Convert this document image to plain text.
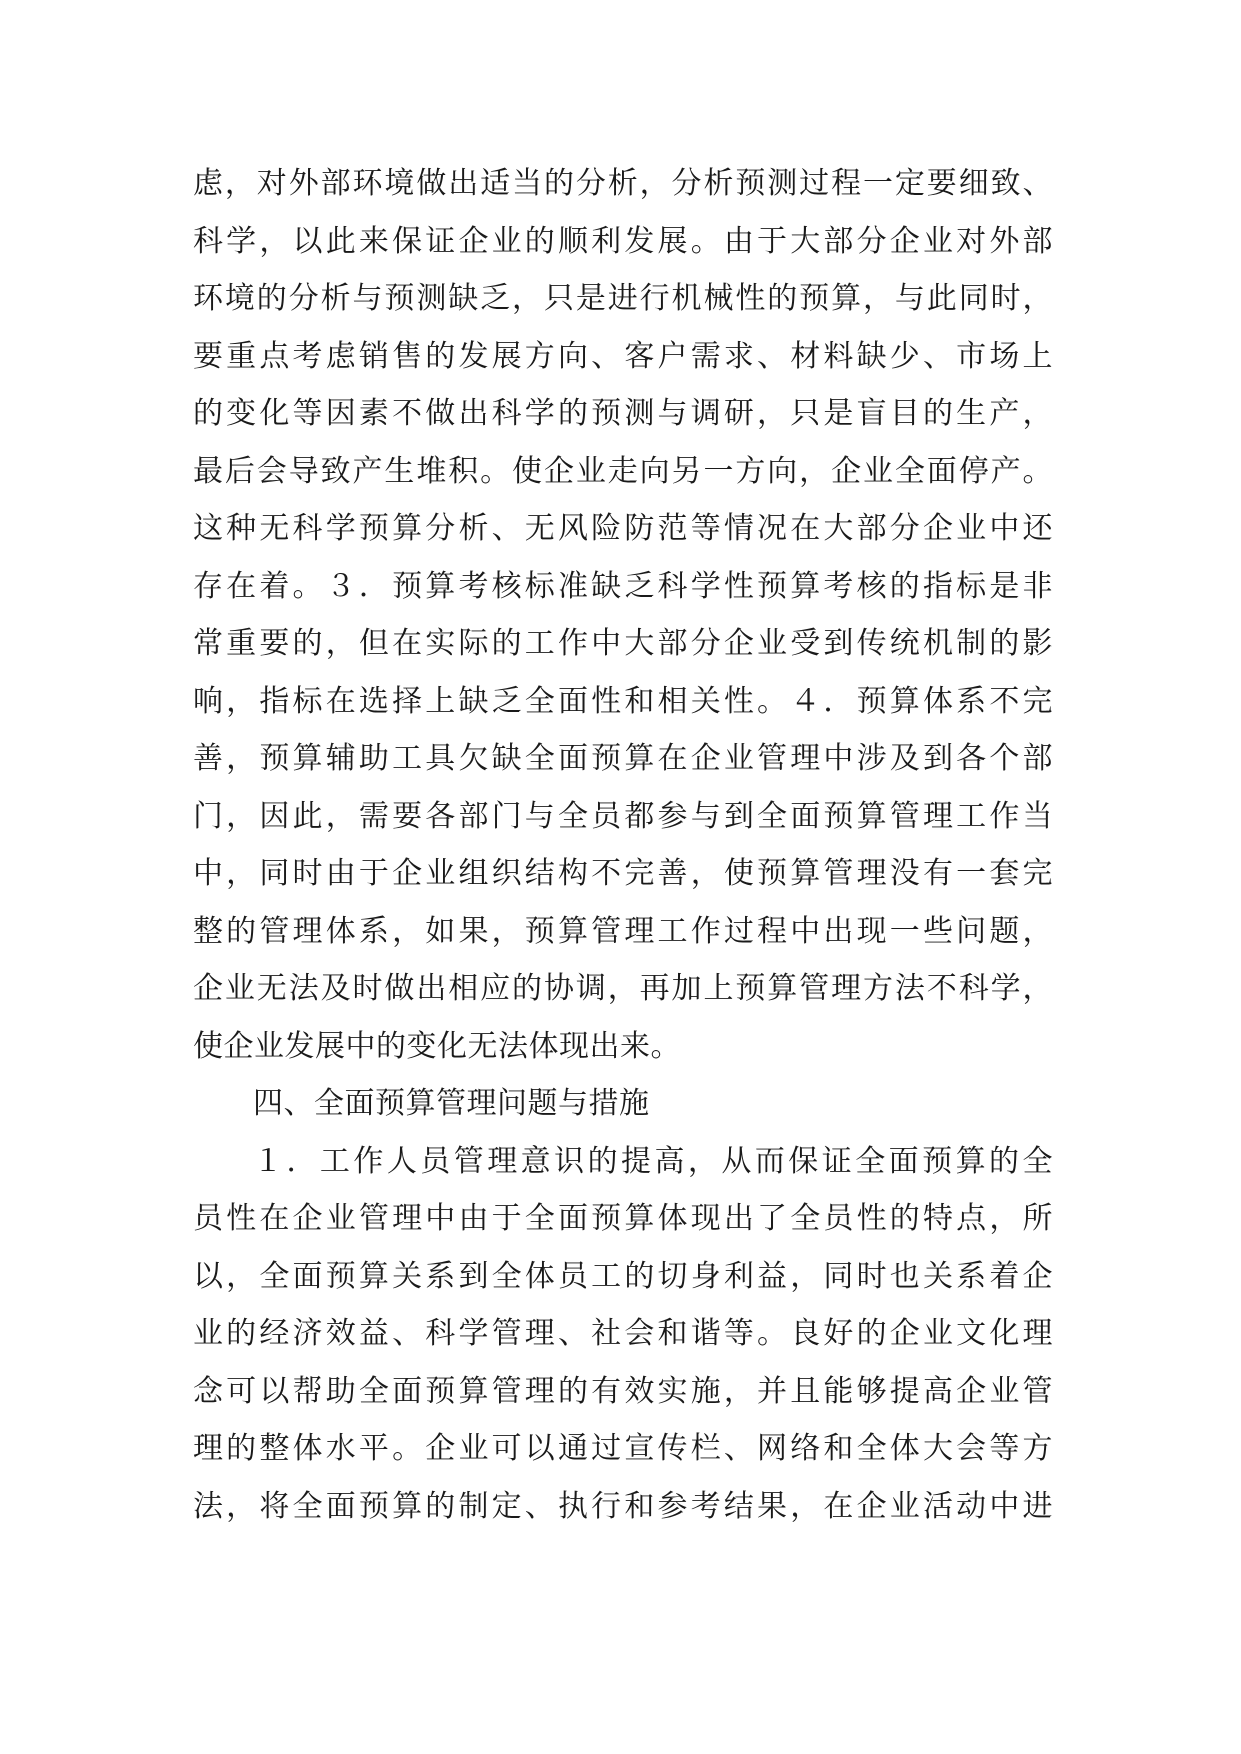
虑，对外部环境做出适当的分析，分析预测过程一定要细致、
科学，以此来保证企业的顺利发展。由于大部分企业对外部
环境的分析与预测缺乏，只是进行机械性的预算，与此同时，
要重点考虑销售的发展方向、客户需求、材料缺少、市场上
的变化等因素不做出科学的预测与调研，只是盲目的生产，
最后会导致产生堆积。使企业走向另一方向，企业全面停产。
这种无科学预算分析、无风险防范等情况在大部分企业中还
存在着。３．预算考核标准缺乏科学性预算考核的指标是非
常重要的，但在实际的工作中大部分企业受到传统机制的影
响，指标在选择上缺乏全面性和相关性。４．预算体系不完
善，预算辅助工具欠缺全面预算在企业管理中涉及到各个部
门，因此，需要各部门与全员都参与到全面预算管理工作当
中，同时由于企业组织结构不完善，使预算管理没有一套完
整的管理体系，如果，预算管理工作过程中出现一些问题，
企业无法及时做出相应的协调，再加上预算管理方法不科学，
使企业发展中的变化无法体现出来。
四、全面预算管理问题与措施
１．工作人员管理意识的提高，从而保证全面预算的全
员性在企业管理中由于全面预算体现出了全员性的特点，所
以，全面预算关系到全体员工的切身利益，同时也关系着企
业的经济效益、科学管理、社会和谐等。良好的企业文化理
念可以帮助全面预算管理的有效实施，并且能够提高企业管
理的整体水平。企业可以通过宣传栏、网络和全体大会等方
法，将全面预算的制定、执行和参考结果，在企业活动中进
